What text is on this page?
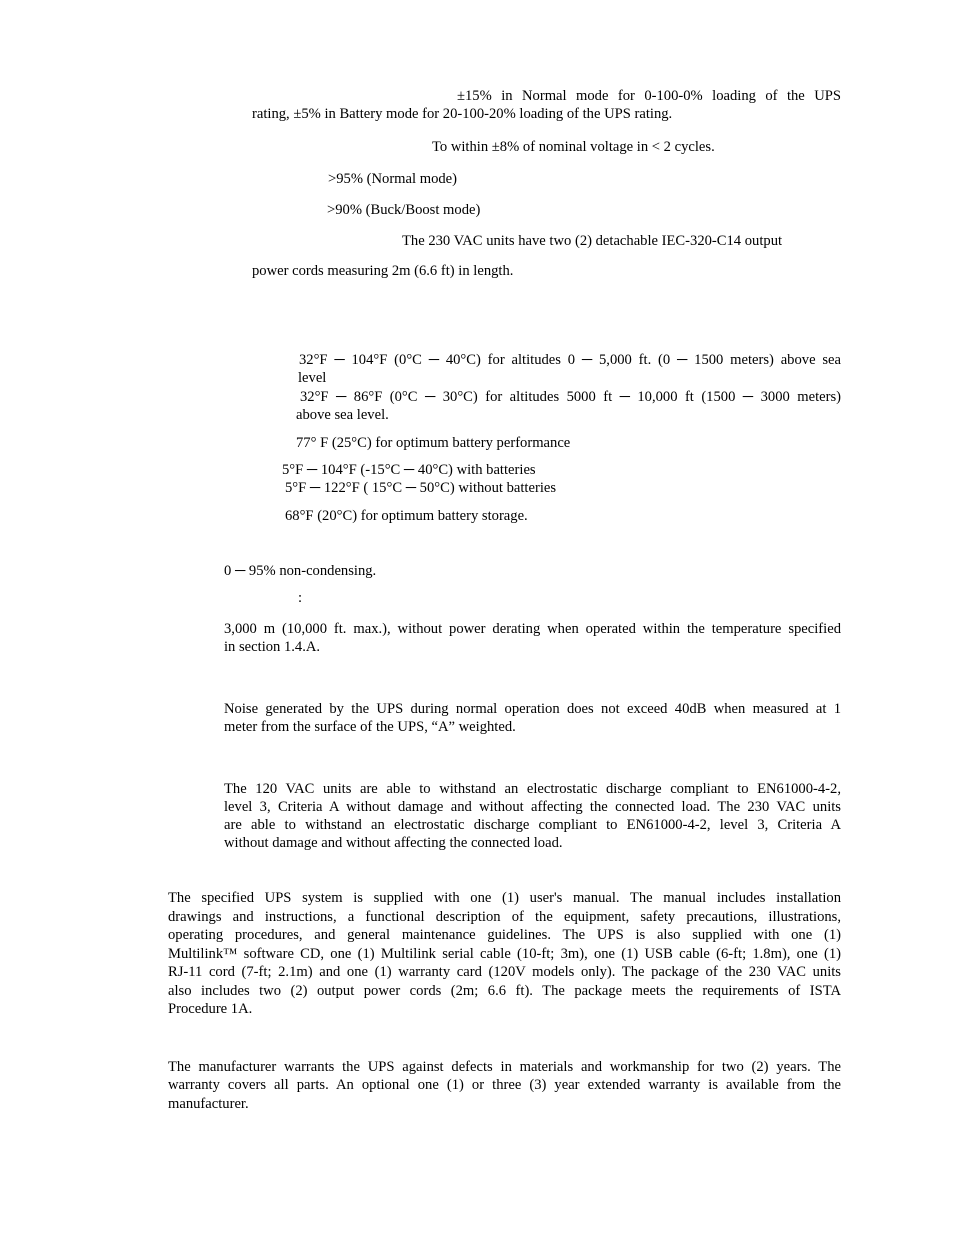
±15% in Normal mode for 0-100-0% loading of the UPS
rating, ±5% in Battery mode for 20-100-20% loading of the UPS rating.
To within ±8% of nominal voltage in < 2 cycles.
>95% (Normal mode)
>90% (Buck/Boost mode)
The 230 VAC units have two (2) detachable IEC-320-C14 output
power cords measuring 2m (6.6 ft) in length.
32°F ─ 104°F (0°C ─ 40°C) for altitudes 0 ─ 5,000 ft. (0 ─ 1500 meters) above sea
level
32°F ─ 86°F (0°C ─ 30°C) for altitudes 5000 ft ─ 10,000 ft (1500 ─ 3000 meters)
above sea level.
77° F (25°C) for optimum battery performance
5°F ─ 104°F (-15°C ─ 40°C) with batteries
5°F ─ 122°F ( 15°C ─ 50°C) without batteries
68°F (20°C) for optimum battery storage.
0 ─ 95% non-condensing.
:
3,000 m (10,000 ft. max.), without power derating when operated within the temperature specified
in section 1.4.A.
Noise generated by the UPS during normal operation does not exceed 40dB when measured at 1
meter from the surface of the UPS, “A” weighted.
The 120 VAC units are able to withstand an electrostatic discharge compliant to EN61000-4-2,
level 3, Criteria A without damage and without affecting the connected load. The 230 VAC units
are able to withstand an electrostatic discharge compliant to EN61000-4-2, level 3, Criteria A
without damage and without affecting the connected load.
The specified UPS system is supplied with one (1) user's manual. The manual includes installation
drawings and instructions, a functional description of the equipment, safety precautions, illustrations,
operating procedures, and general maintenance guidelines. The UPS is also supplied with one (1)
Multilink™ software CD, one (1) Multilink serial cable (10-ft; 3m), one (1) USB cable (6-ft; 1.8m), one (1)
RJ-11 cord (7-ft; 2.1m) and one (1) warranty card (120V models only). The package of the 230 VAC units
also includes two (2) output power cords (2m; 6.6 ft). The package meets the requirements of ISTA
Procedure 1A.
The manufacturer warrants the UPS against defects in materials and workmanship for two (2) years. The
warranty covers all parts. An optional one (1) or three (3) year extended warranty is available from the
manufacturer.
